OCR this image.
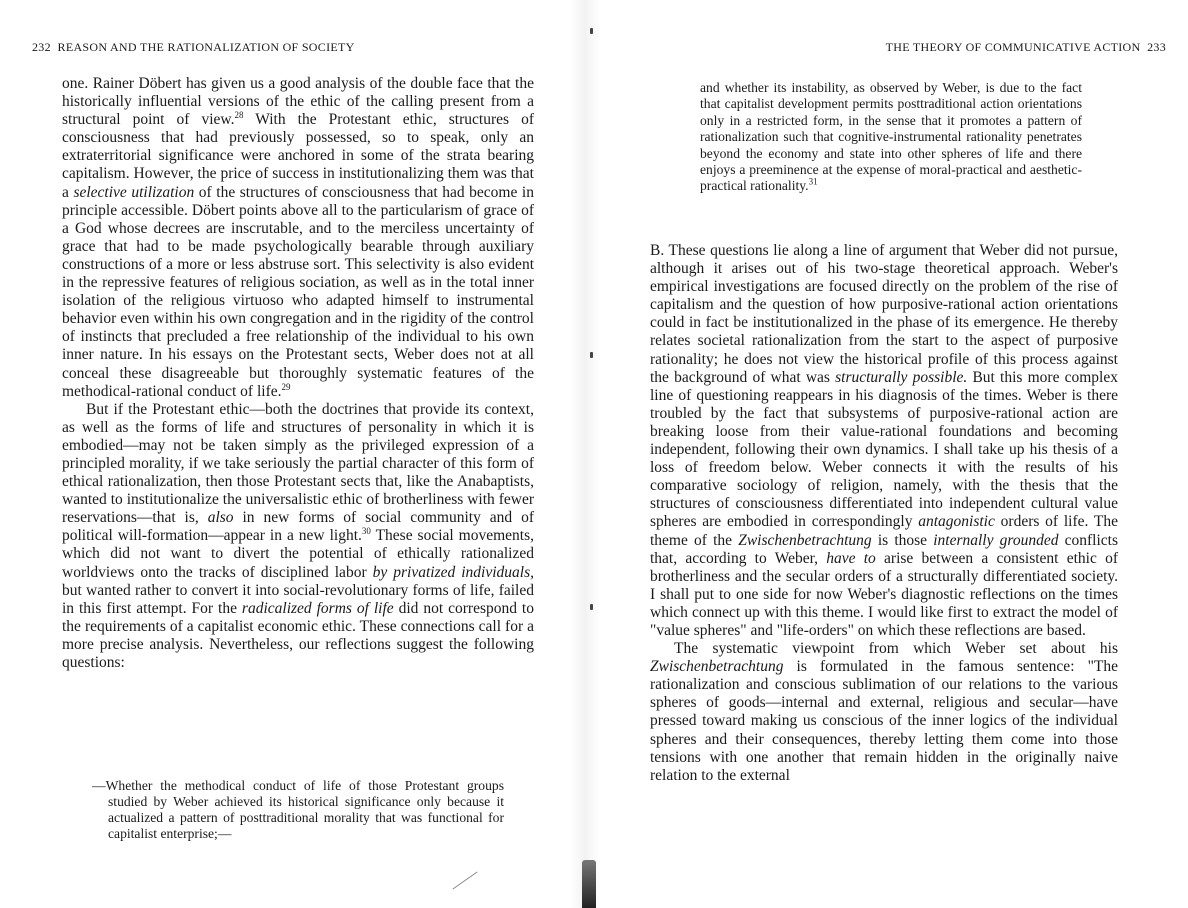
232 REASON AND THE RATIONALIZATION OF SOCIETY

one. Rainer Döbert has given us a good analysis of the double face that the historically influential versions of the ethic of the calling present from a structural point of view.$^{28}$ With the Protestant ethic, structures of consciousness that had previously possessed, so to speak, only an extraterritorial significance were anchored in some of the strata bearing capitalism. However, the price of success in institutionalizing them was that a selective utilization of the structures of consciousness that had become in principle accessible. Döbert points above all to the particularism of grace of a God whose decrees are inscrutable, and to the merciless uncertainty of grace that had to be made psychologically bearable through auxiliary constructions of a more or less abstruse sort. This selectivity is also evident in the repressive features of religious sociation, as well as in the total inner isolation of the religious virtuoso who adapted himself to instrumental behavior even within his own congregation and in the rigidity of the control of instincts that precluded a free relationship of the individual to his own inner nature. In his essays on the Protestant sects, Weber does not at all conceal these disagreeable but thoroughly systematic features of the methodical-rational conduct of life.$^{29}$

But if the Protestant ethic—both the doctrines that provide its context, as well as the forms of life and structures of personality in which it is embodied—may not be taken simply as the privileged expression of a principled morality, if we take seriously the partial character of this form of ethical rationalization, then those Protestant sects that, like the Anabaptists, wanted to institutionalize the universalistic ethic of brotherliness with fewer reservations—that is, also in new forms of social community and of political will-formation—appear in a new light.$^{30}$ These social movements, which did not want to divert the potential of ethically rationalized worldviews onto the tracks of disciplined labor by privatized individuals, but wanted rather to convert it into social-revolutionary forms of life, failed in this first attempt. For the radicalized forms of life did not correspond to the requirements of a capitalist economic ethic. These connections call for a more precise analysis. Nevertheless, our reflections suggest the following questions:

—Whether the methodical conduct of life of those Protestant groups studied by Weber achieved its historical significance only because it actualized a pattern of posttraditional morality that was functional for capitalist enterprise;—

THE THEORY OF COMMUNICATIVE ACTION 233

and whether its instability, as observed by Weber, is due to the fact that capitalist development permits posttraditional action orientations only in a restricted form, in the sense that it promotes a pattern of rationalization such that cognitive-instrumental rationality penetrates beyond the economy and state into other spheres of life and there enjoys a preeminence at the expense of moral-practical and aesthetic-practical rationality.$^{31}$

B. These questions lie along a line of argument that Weber did not pursue, although it arises out of his two-stage theoretical approach. Weber's empirical investigations are focused directly on the problem of the rise of capitalism and the question of how purposive-rational action orientations could in fact be institutionalized in the phase of its emergence. He thereby relates societal rationalization from the start to the aspect of purposive rationality; he does not view the historical profile of this process against the background of what was structurally possible. But this more complex line of questioning reappears in his diagnosis of the times. Weber is there troubled by the fact that subsystems of purposive-rational action are breaking loose from their value-rational foundations and becoming independent, following their own dynamics. I shall take up his thesis of a loss of freedom below. Weber connects it with the results of his comparative sociology of religion, namely, with the thesis that the structures of consciousness differentiated into independent cultural value spheres are embodied in correspondingly antagonistic orders of life. The theme of the Zwischenbetrachtung is those internally grounded conflicts that, according to Weber, have to arise between a consistent ethic of brotherliness and the secular orders of a structurally differentiated society. I shall put to one side for now Weber's diagnostic reflections on the times which connect up with this theme. I would like first to extract the model of "value spheres" and "life-orders" on which these reflections are based.

The systematic viewpoint from which Weber set about his Zwischenbetrachtung is formulated in the famous sentence: "The rationalization and conscious sublimation of our relations to the various spheres of goods—internal and external, religious and secular—have pressed toward making us conscious of the inner logics of the individual spheres and their consequences, thereby letting them come into those tensions with one another that remain hidden in the originally naive relation to the external
